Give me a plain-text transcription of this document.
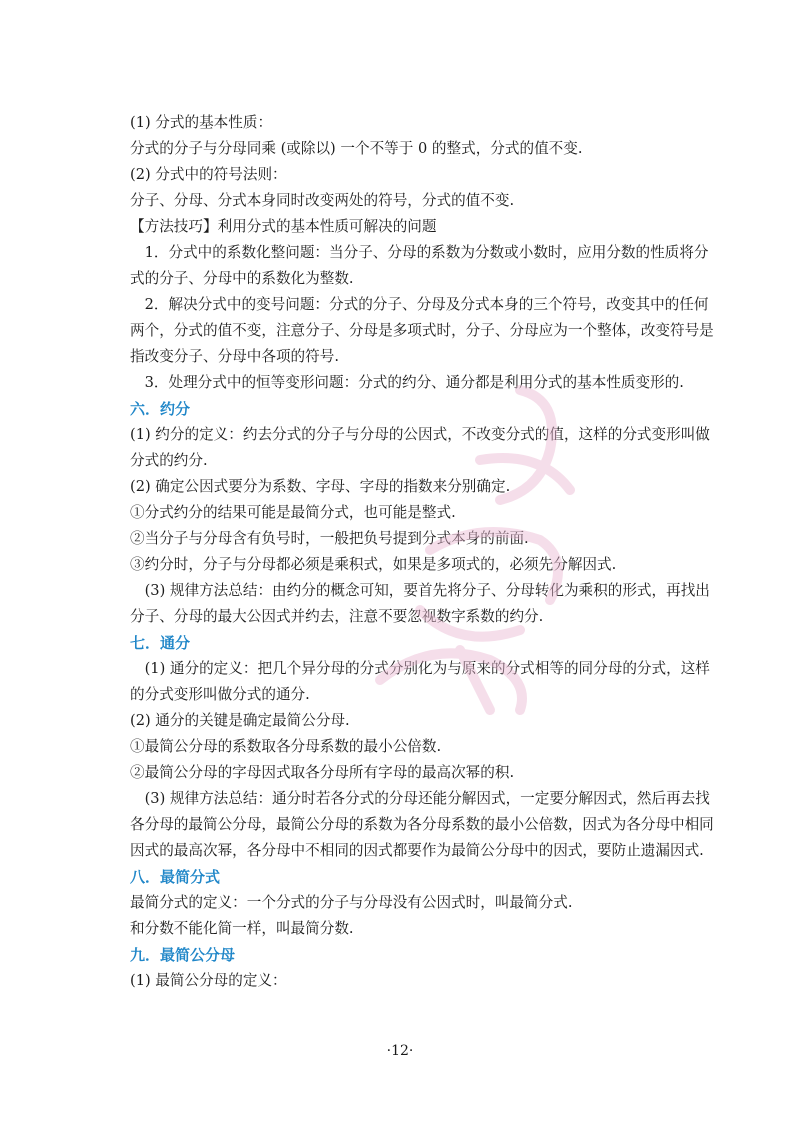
(1) 分式的基本性质：

分式的分子与分母同乘 (或除以) 一个不等于 0 的整式，分式的值不变.

(2) 分式中的符号法则：

分子、分母、分式本身同时改变两处的符号，分式的值不变.

【方法技巧】利用分式的基本性质可解决的问题

1．分式中的系数化整问题：当分子、分母的系数为分数或小数时，应用分数的性质将分式的分子、分母中的系数化为整数.

2．解决分式中的变号问题：分式的分子、分母及分式本身的三个符号，改变其中的任何两个，分式的值不变，注意分子、分母是多项式时，分子、分母应为一个整体，改变符号是指改变分子、分母中各项的符号.

3．处理分式中的恒等变形问题：分式的约分、通分都是利用分式的基本性质变形的.

六．约分

(1) 约分的定义：约去分式的分子与分母的公因式，不改变分式的值，这样的分式变形叫做分式的约分.

(2) 确定公因式要分为系数、字母、字母的指数来分别确定.

①分式约分的结果可能是最简分式，也可能是整式.

②当分子与分母含有负号时，一般把负号提到分式本身的前面.

③约分时，分子与分母都必须是乘积式，如果是多项式的，必须先分解因式.

(3) 规律方法总结：由约分的概念可知，要首先将分子、分母转化为乘积的形式，再找出分子、分母的最大公因式并约去，注意不要忽视数字系数的约分.

七．通分

(1) 通分的定义：把几个异分母的分式分别化为与原来的分式相等的同分母的分式，这样的分式变形叫做分式的通分.

(2) 通分的关键是确定最简公分母.

①最简公分母的系数取各分母系数的最小公倍数.

②最简公分母的字母因式取各分母所有字母的最高次幂的积.

(3) 规律方法总结：通分时若各分式的分母还能分解因式，一定要分解因式，然后再去找各分母的最简公分母，最简公分母的系数为各分母系数的最小公倍数，因式为各分母中相同因式的最高次幂，各分母中不相同的因式都要作为最简公分母中的因式，要防止遗漏因式.

八．最简分式

最简分式的定义：一个分式的分子与分母没有公因式时，叫最简分式.

和分数不能化简一样，叫最简分数.

九．最简公分母

(1) 最简公分母的定义：

·12·
